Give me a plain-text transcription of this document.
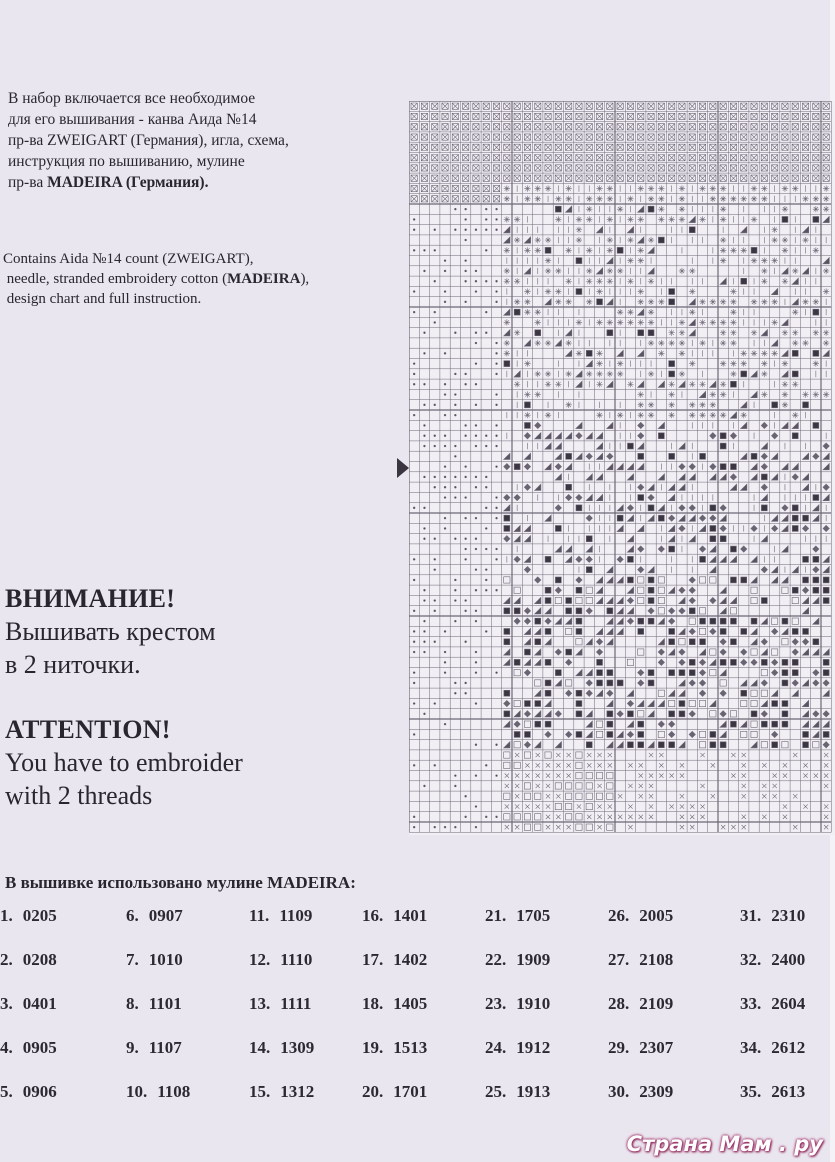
В набор включается все необходимое
для его вышивания - канва Аида №14
пр-ва ZWEIGART (Германия), игла, схема,
инструкция по вышиванию, мулине
пр-ва MADEIRA (Германия).
Contains Aida №14 count (ZWEIGART),
needle, stranded embroidery cotton (MADEIRA),
design chart and full instruction.
ВНИМАНИЕ!
Вышивать крестом
в 2 ниточки.
ATTENTION!
You have to embroider
with 2 threads
В вышивке использовано мулине MADEIRA:
1. 0205
2. 0208
3. 0401
4. 0905
5. 0906
6. 0907
7. 1010
8. 1101
9. 1107
10. 1108
11. 1109
12. 1110
13. 1111
14. 1309
15. 1312
16. 1401
17. 1402
18. 1405
19. 1513
20. 1701
21. 1705
22. 1909
23. 1910
24. 1912
25. 1913
26. 2005
27. 2108
28. 2109
29. 2307
30. 2309
31. 2310
32. 2400
33. 2604
34. 2612
35. 2613
Страна Мам . ру
